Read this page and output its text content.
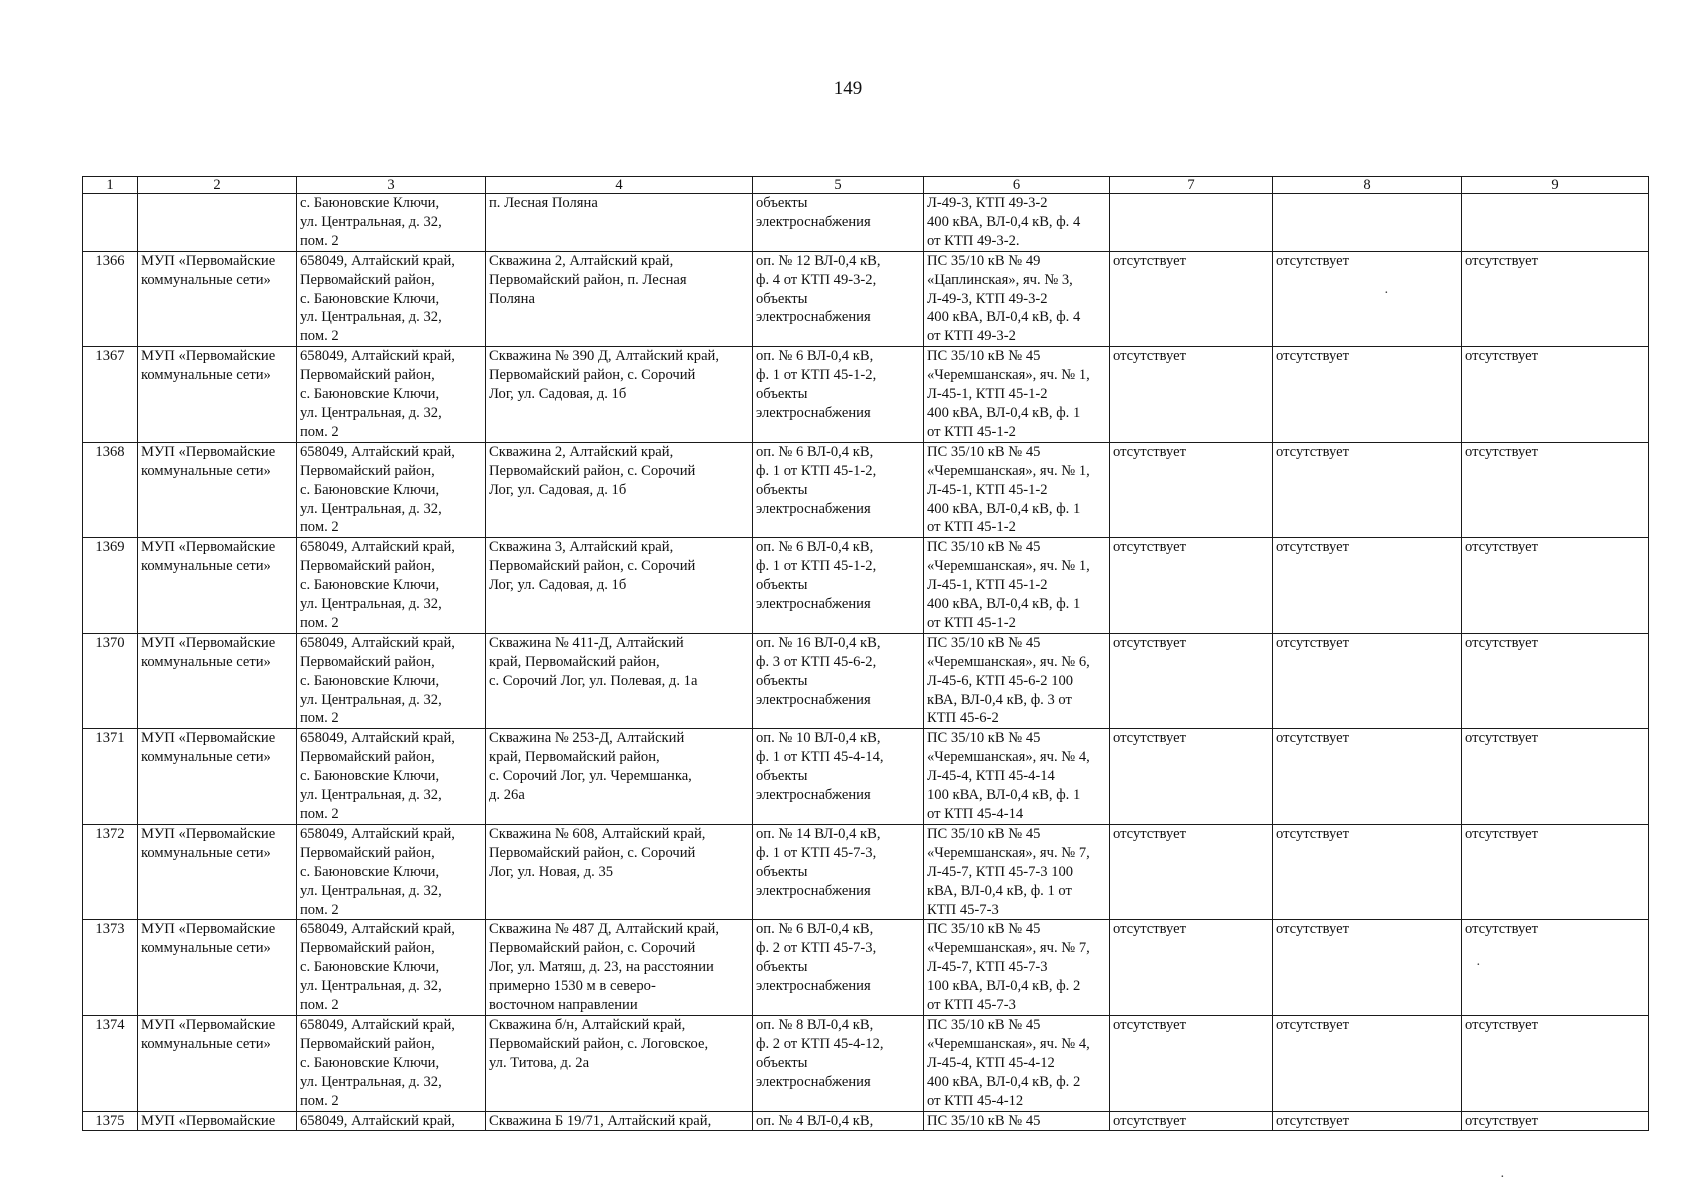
149
1	2	3	4	5	6	7	8	9

		с. Баюновские Ключи,
ул. Центральная, д. 32,
пом. 2	п. Лесная Поляна	объекты
электроснабжения	Л-49-3, КТП 49-3-2
400 кВА, ВЛ-0,4 кВ, ф. 4
от КТП 49-3-2.			

1366	МУП «Первомайские
коммунальные сети»	658049, Алтайский край,
Первомайский район,
с. Баюновские Ключи,
ул. Центральная, д. 32,
пом. 2	Скважина 2, Алтайский край,
Первомайский район, п. Лесная
Поляна	оп. № 12 ВЛ-0,4 кВ,
ф. 4 от КТП 49-3-2,
объекты
электроснабжения	ПС 35/10 кВ № 49
«Цаплинская», яч. № 3,
Л-49-3, КТП 49-3-2
400 кВА, ВЛ-0,4 кВ, ф. 4
от КТП 49-3-2	отсутствует	отсутствует	отсутствует
1367	МУП «Первомайские
коммунальные сети»	658049, Алтайский край,
Первомайский район,
с. Баюновские Ключи,
ул. Центральная, д. 32,
пом. 2	Скважина № 390 Д, Алтайский край,
Первомайский район, с. Сорочий
Лог, ул. Садовая, д. 1б	оп. № 6 ВЛ-0,4 кВ,
ф. 1 от КТП 45-1-2,
объекты
электроснабжения	ПС 35/10 кВ № 45
«Черемшанская», яч. № 1,
Л-45-1, КТП 45-1-2
400 кВА, ВЛ-0,4 кВ, ф. 1
от КТП 45-1-2	отсутствует	отсутствует	отсутствует
1368	МУП «Первомайские
коммунальные сети»	658049, Алтайский край,
Первомайский район,
с. Баюновские Ключи,
ул. Центральная, д. 32,
пом. 2	Скважина 2, Алтайский край,
Первомайский район, с. Сорочий
Лог, ул. Садовая, д. 1б	оп. № 6 ВЛ-0,4 кВ,
ф. 1 от КТП 45-1-2,
объекты
электроснабжения	ПС 35/10 кВ № 45
«Черемшанская», яч. № 1,
Л-45-1, КТП 45-1-2
400 кВА, ВЛ-0,4 кВ, ф. 1
от КТП 45-1-2	отсутствует	отсутствует	отсутствует
1369	МУП «Первомайские
коммунальные сети»	658049, Алтайский край,
Первомайский район,
с. Баюновские Ключи,
ул. Центральная, д. 32,
пом. 2	Скважина 3, Алтайский край,
Первомайский район, с. Сорочий
Лог, ул. Садовая, д. 1б	оп. № 6 ВЛ-0,4 кВ,
ф. 1 от КТП 45-1-2,
объекты
электроснабжения	ПС 35/10 кВ № 45
«Черемшанская», яч. № 1,
Л-45-1, КТП 45-1-2
400 кВА, ВЛ-0,4 кВ, ф. 1
от КТП 45-1-2	отсутствует	отсутствует	отсутствует
1370	МУП «Первомайские
коммунальные сети»	658049, Алтайский край,
Первомайский район,
с. Баюновские Ключи,
ул. Центральная, д. 32,
пом. 2	Скважина № 411-Д, Алтайский
край, Первомайский район,
с. Сорочий Лог, ул. Полевая, д. 1а	оп. № 16 ВЛ-0,4 кВ,
ф. 3 от КТП 45-6-2,
объекты
электроснабжения	ПС 35/10 кВ № 45
«Черемшанская», яч. № 6,
Л-45-6, КТП 45-6-2 100
кВА, ВЛ-0,4 кВ, ф. 3 от
КТП 45-6-2	отсутствует	отсутствует	отсутствует
1371	МУП «Первомайские
коммунальные сети»	658049, Алтайский край,
Первомайский район,
с. Баюновские Ключи,
ул. Центральная, д. 32,
пом. 2	Скважина № 253-Д, Алтайский
край, Первомайский район,
с. Сорочий Лог, ул. Черемшанка,
д. 26а	оп. № 10 ВЛ-0,4 кВ,
ф. 1 от КТП 45-4-14,
объекты
электроснабжения	ПС 35/10 кВ № 45
«Черемшанская», яч. № 4,
Л-45-4, КТП 45-4-14
100 кВА, ВЛ-0,4 кВ, ф. 1
от КТП 45-4-14	отсутствует	отсутствует	отсутствует
1372	МУП «Первомайские
коммунальные сети»	658049, Алтайский край,
Первомайский район,
с. Баюновские Ключи,
ул. Центральная, д. 32,
пом. 2	Скважина № 608, Алтайский край,
Первомайский район, с. Сорочий
Лог, ул. Новая, д. 35	оп. № 14 ВЛ-0,4 кВ,
ф. 1 от КТП 45-7-3,
объекты
электроснабжения	ПС 35/10 кВ № 45
«Черемшанская», яч. № 7,
Л-45-7, КТП 45-7-3 100
кВА, ВЛ-0,4 кВ, ф. 1 от
КТП 45-7-3	отсутствует	отсутствует	отсутствует
1373	МУП «Первомайские
коммунальные сети»	658049, Алтайский край,
Первомайский район,
с. Баюновские Ключи,
ул. Центральная, д. 32,
пом. 2	Скважина № 487 Д, Алтайский край,
Первомайский район, с. Сорочий
Лог, ул. Матяш, д. 23, на расстоянии
примерно 1530 м в северо-
восточном направлении	оп. № 6 ВЛ-0,4 кВ,
ф. 2 от КТП 45-7-3,
объекты
электроснабжения	ПС 35/10 кВ № 45
«Черемшанская», яч. № 7,
Л-45-7, КТП 45-7-3
100 кВА, ВЛ-0,4 кВ, ф. 2
от КТП 45-7-3	отсутствует	отсутствует	отсутствует
1374	МУП «Первомайские
коммунальные сети»	658049, Алтайский край,
Первомайский район,
с. Баюновские Ключи,
ул. Центральная, д. 32,
пом. 2	Скважина б/н, Алтайский край,
Первомайский район, с. Логовское,
ул. Титова, д. 2а	оп. № 8 ВЛ-0,4 кВ,
ф. 2 от КТП 45-4-12,
объекты
электроснабжения	ПС 35/10 кВ № 45
«Черемшанская», яч. № 4,
Л-45-4, КТП 45-4-12
400 кВА, ВЛ-0,4 кВ, ф. 2
от КТП 45-4-12	отсутствует	отсутствует	отсутствует
1375	МУП «Первомайские	658049, Алтайский край,	Скважина Б 19/71, Алтайский край,	оп. № 4 ВЛ-0,4 кВ,	ПС 35/10 кВ № 45	отсутствует	отсутствует	отсутствует
·
·
·
